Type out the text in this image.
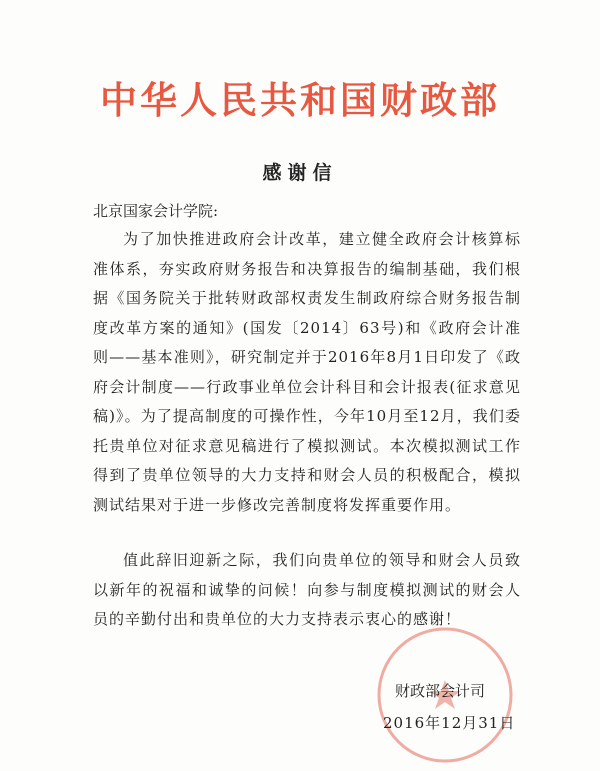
中华人民共和国财政部
感谢信
北京国家会计学院:

为了加快推进政府会计改革，建立健全政府会计核算标准体系，夯实政府财务报告和决算报告的编制基础，我们根据《国务院关于批转财政部权责发生制政府综合财务报告制度改革方案的通知》(国发〔2014〕63号)和《政府会计准则——基本准则》，研究制定并于2016年8月1日印发了《政府会计制度——行政事业单位会计科目和会计报表(征求意见稿)》。为了提高制度的可操作性，今年10月至12月，我们委托贵单位对征求意见稿进行了模拟测试。本次模拟测试工作得到了贵单位领导的大力支持和财会人员的积极配合，模拟测试结果对于进一步修改完善制度将发挥重要作用。

值此辞旧迎新之际，我们向贵单位的领导和财会人员致以新年的祝福和诚挚的问候！向参与制度模拟测试的财会人员的辛勤付出和贵单位的大力支持表示衷心的感谢！

财政部会计司
2016年12月31日
